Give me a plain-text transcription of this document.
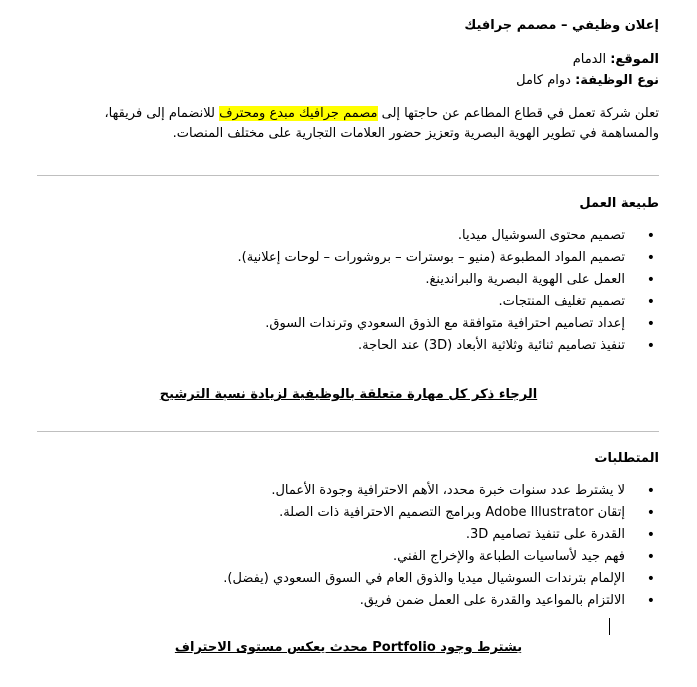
إعلان وظيفي – مصمم جرافيك
الموقع: الدمام
نوع الوظيفة: دوام كامل
تعلن شركة تعمل في قطاع المطاعم عن حاجتها إلى مصمم جرافيك مبدع ومحترف للانضمام إلى فريقها، والمساهمة في تطوير الهوية البصرية وتعزيز حضور العلامات التجارية على مختلف المنصات.
طبيعة العمل
• تصميم محتوى السوشيال ميديا.
• تصميم المواد المطبوعة (منيو – بوسترات – بروشورات – لوحات إعلانية).
• العمل على الهوية البصرية والبراندينغ.
• تصميم تغليف المنتجات.
• إعداد تصاميم احترافية متوافقة مع الذوق السعودي وترندات السوق.
• تنفيذ تصاميم ثنائية وثلاثية الأبعاد (3D) عند الحاجة.
الرجاء ذكر كل مهارة متعلقة بالوظيفية لزيادة نسبة الترشيح
المتطلبات
• لا يشترط عدد سنوات خبرة محدد، الأهم الاحترافية وجودة الأعمال.
• إتقان Adobe Illustrator وبرامج التصميم الاحترافية ذات الصلة.
• القدرة على تنفيذ تصاميم 3D.
• فهم جيد لأساسيات الطباعة والإخراج الفني.
• الإلمام بترندات السوشيال ميديا والذوق العام في السوق السعودي (يفضل).
• الالتزام بالمواعيد والقدرة على العمل ضمن فريق.
يشترط وجود Portfolio محدث يعكس مستوى الاحتراف
